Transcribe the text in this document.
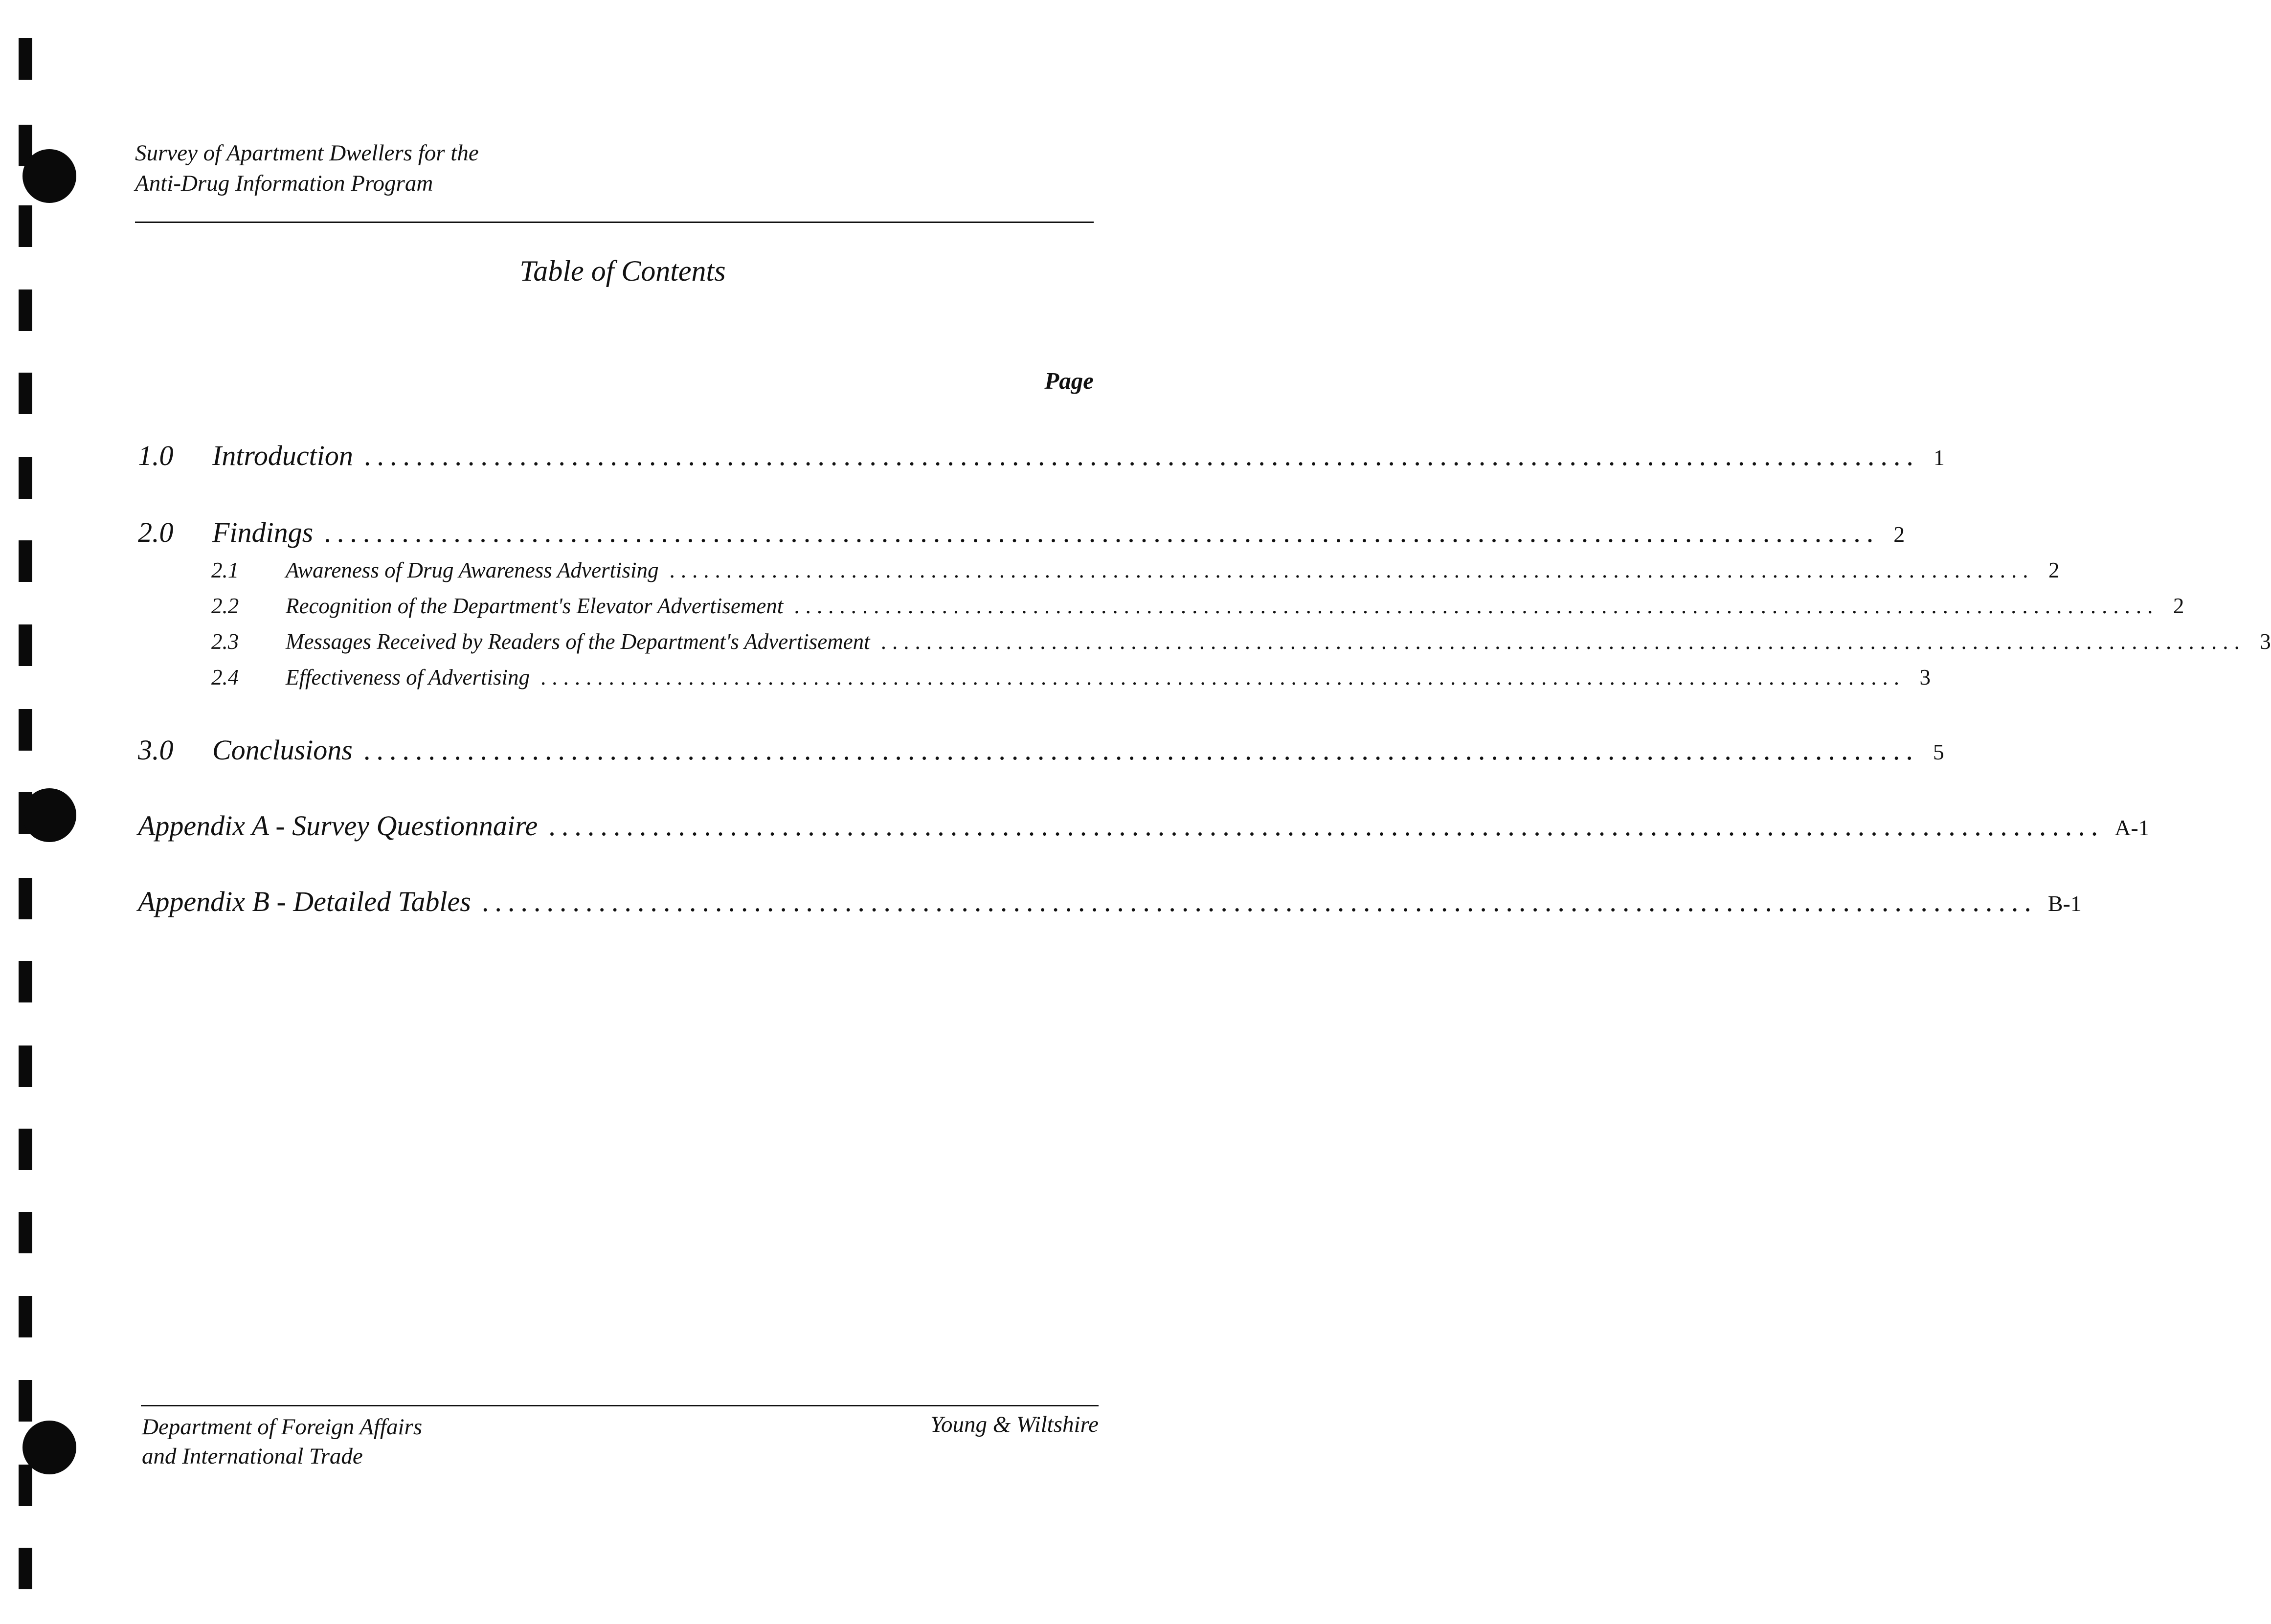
Survey of Apartment Dwellers for the
Anti-Drug Information Program
Table of Contents
Page
1.0	Introduction ........................................................................................................................ 1
2.0	Findings ........................................................................................................................ 2
2.1	Awareness of Drug Awareness Advertising ........................................................................................................................ 2
2.2	Recognition of the Department's Elevator Advertisement ........................................................................................................................ 2
2.3	Messages Received by Readers of the Department's Advertisement ........................................................................................................................ 3
2.4	Effectiveness of Advertising ........................................................................................................................ 3
3.0	Conclusions ........................................................................................................................ 5
Appendix A - Survey Questionnaire ........................................................................................................................ A-1
Appendix B - Detailed Tables ........................................................................................................................ B-1
Department of Foreign Affairs
and International Trade
Young & Wiltshire
